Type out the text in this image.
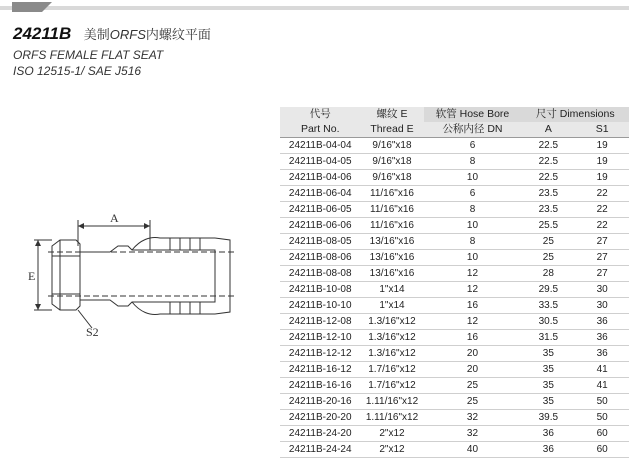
24211B 美制ORFS内螺纹平面
ORFS FEMALE FLAT SEAT
ISO 12515-1/ SAE J516
A
E
S2
代号	螺纹 E	软管 Hose Bore	尺寸 Dimensions	
Part No.	Thread E	公称内径 DN	A	S1
24211B-04-04	9/16"x18	6	22.5	19
24211B-04-05	9/16"x18	8	22.5	19
24211B-04-06	9/16"x18	10	22.5	19
24211B-06-04	11/16"x16	6	23.5	22
24211B-06-05	11/16"x16	8	23.5	22
24211B-06-06	11/16"x16	10	25.5	22
24211B-08-05	13/16"x16	8	25	27
24211B-08-06	13/16"x16	10	25	27
24211B-08-08	13/16"x16	12	28	27
24211B-10-08	1"x14	12	29.5	30
24211B-10-10	1"x14	16	33.5	30
24211B-12-08	1.3/16"x12	12	30.5	36
24211B-12-10	1.3/16"x12	16	31.5	36
24211B-12-12	1.3/16"x12	20	35	36
24211B-16-12	1.7/16"x12	20	35	41
24211B-16-16	1.7/16"x12	25	35	41
24211B-20-16	1.11/16"x12	25	35	50
24211B-20-20	1.11/16"x12	32	39.5	50
24211B-24-20	2"x12	32	36	60
24211B-24-24	2"x12	40	36	60
